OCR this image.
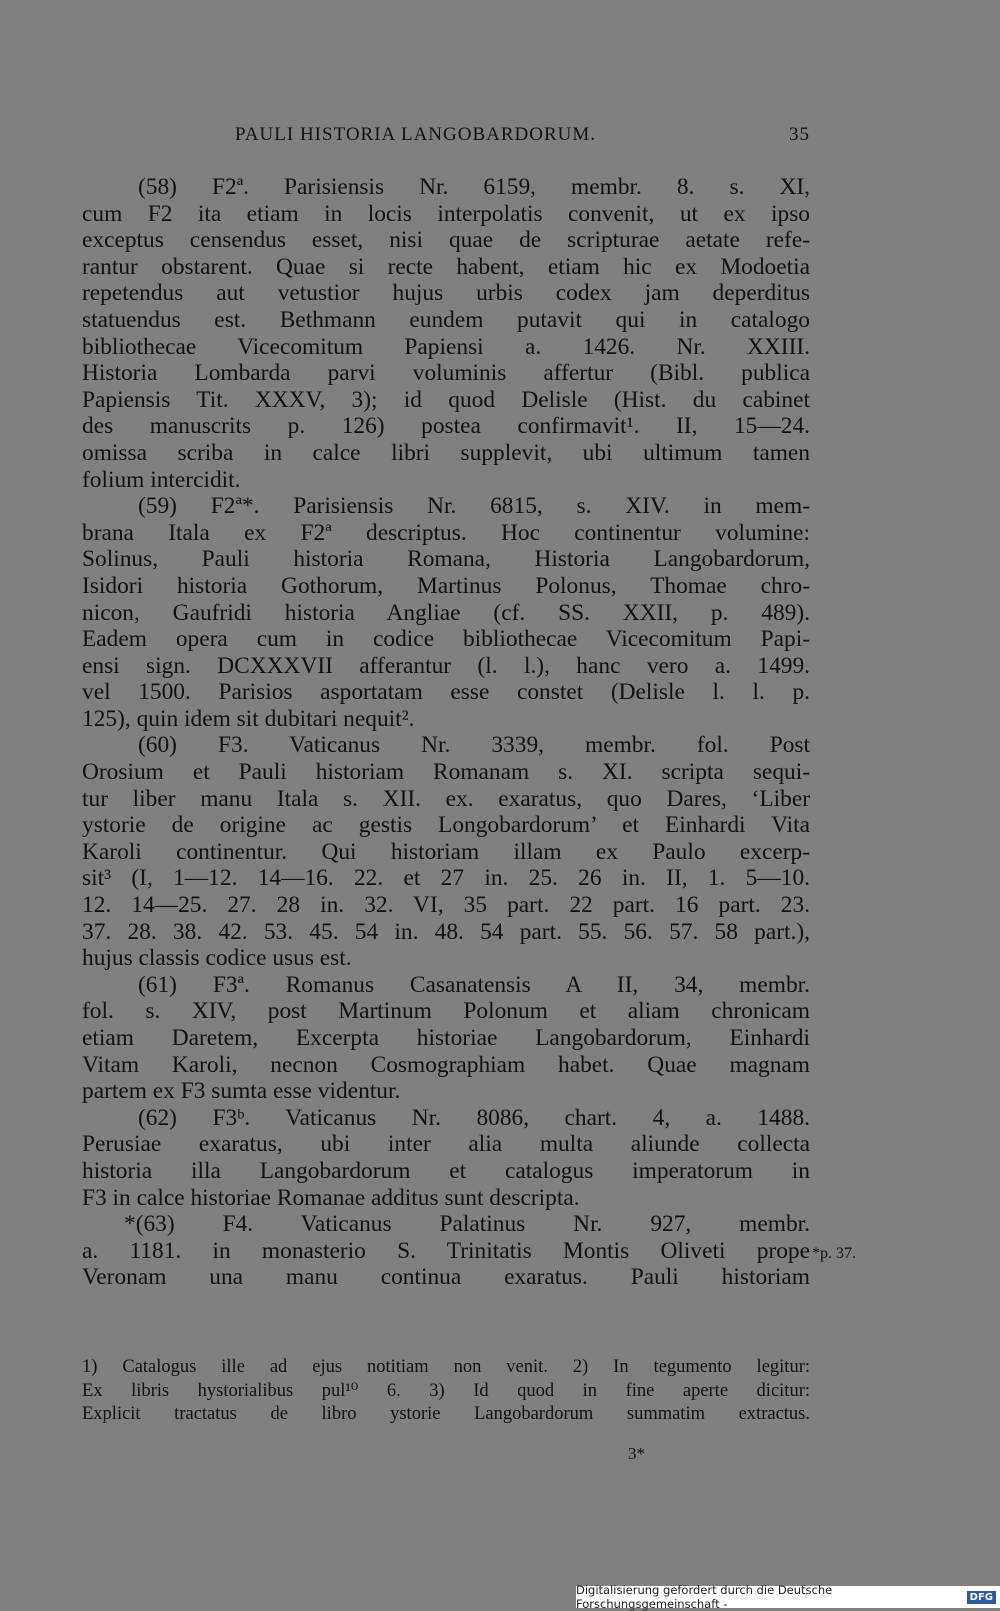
PAULI HISTORIA LANGOBARDORUM.	35
(58) F2ª. Parisiensis Nr. 6159, membr. 8. s. XI,
cum F2 ita etiam in locis interpolatis convenit, ut ex ipso
exceptus censendus esset, nisi quae de scripturae aetate refe-
rantur obstarent. Quae si recte habent, etiam hic ex Modoetia
repetendus aut vetustior hujus urbis codex jam deperditus
statuendus est. Bethmann eundem putavit qui in catalogo
bibliothecae Vicecomitum Papiensi a. 1426. Nr. XXIII.
Historia Lombarda parvi voluminis affertur (Bibl. publica
Papiensis Tit. XXXV, 3); id quod Delisle (Hist. du cabinet
des manuscrits p. 126) postea confirmavit¹. II, 15—24.
omissa scriba in calce libri supplevit, ubi ultimum tamen
folium intercidit.
(59) F2ª*. Parisiensis Nr. 6815, s. XIV. in mem-
brana Itala ex F2ª descriptus. Hoc continentur volumine:
Solinus, Pauli historia Romana, Historia Langobardorum,
Isidori historia Gothorum, Martinus Polonus, Thomae chro-
nicon, Gaufridi historia Angliae (cf. SS. XXII, p. 489).
Eadem opera cum in codice bibliothecae Vicecomitum Papi-
ensi sign. DCXXXVII afferantur (l. l.), hanc vero a. 1499.
vel 1500. Parisios asportatam esse constet (Delisle l. l. p.
125), quin idem sit dubitari nequit².
(60) F3. Vaticanus Nr. 3339, membr. fol. Post
Orosium et Pauli historiam Romanam s. XI. scripta sequi-
tur liber manu Itala s. XII. ex. exaratus, quo Dares, ‘Liber
ystorie de origine ac gestis Longobardorum’ et Einhardi Vita
Karoli continentur. Qui historiam illam ex Paulo excerp-
sit³ (I, 1—12. 14—16. 22. et 27 in. 25. 26 in. II, 1. 5—10.
12. 14—25. 27. 28 in. 32. VI, 35 part. 22 part. 16 part. 23.
37. 28. 38. 42. 53. 45. 54 in. 48. 54 part. 55. 56. 57. 58 part.),
hujus classis codice usus est.
(61) F3ª. Romanus Casanatensis A II, 34, membr.
fol. s. XIV, post Martinum Polonum et aliam chronicam
etiam Daretem, Excerpta historiae Langobardorum, Einhardi
Vitam Karoli, necnon Cosmographiam habet. Quae magnam
partem ex F3 sumta esse videntur.
(62) F3ᵇ. Vaticanus Nr. 8086, chart. 4, a. 1488.
Perusiae exaratus, ubi inter alia multa aliunde collecta
historia illa Langobardorum et catalogus imperatorum in
F3 in calce historiae Romanae additus sunt descripta.
*(63) F4. Vaticanus Palatinus Nr. 927, membr.
a. 1181. in monasterio S. Trinitatis Montis Oliveti prope
Veronam una manu continua exaratus. Pauli historiam
*p. 37.
1) Catalogus ille ad ejus notitiam non venit. 2) In tegumento legitur:
Ex libris hystorialibus pul¹⁰ 6. 3) Id quod in fine aperte dicitur:
Explicit tractatus de libro ystorie Langobardorum summatim extractus.
3*
Digitalisierung gefördert durch die Deutsche Forschungsgemeinschaft -	DFG
